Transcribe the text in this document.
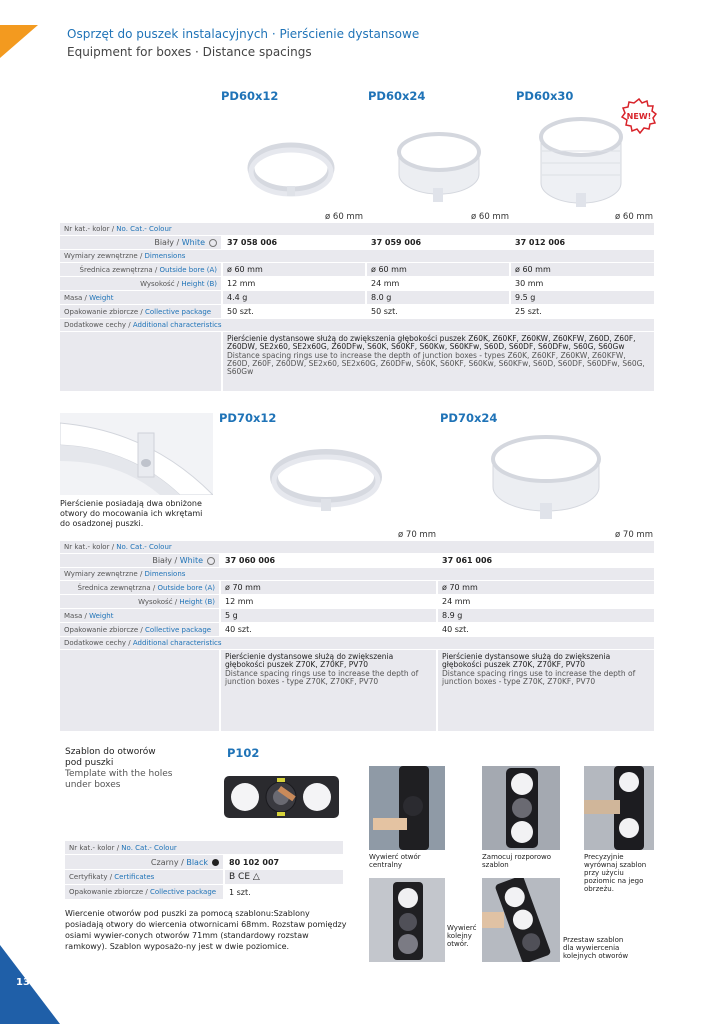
Osprzęt do puszek instalacyjnych · Pierścienie dystansowe
Equipment for boxes · Distance spacings
PD60x12	PD60x24	PD60x30
NEW!
ø 60 mm	ø 60 mm	ø 60 mm
Nr kat.- kolor / No. Cat.- Colour
Biały / White	37 058 006	37 059 006	37 012 006
Wymiary zewnętrzne / Dimensions
Średnica zewnętrzna / Outside bore (A)	ø 60 mm	ø 60 mm	ø 60 mm
Wysokość / Height (B)	12 mm	24 mm	30 mm
Masa / Weight	4.4 g	8.0 g	9.5 g
Opakowanie zbiorcze / Collective package	50 szt.	50 szt.	25 szt.
Dodatkowe cechy / Additional characteristics
Pierścienie dystansowe służą do zwiększenia głębokości puszek Z60K, Z60KF, Z60KW, Z60KFW, Z60D, Z60F, Z60DW, SE2x60, SE2x60G, Z60DFw, S60K, S60KF, S60Kw, S60KFw, S60D, S60DF, S60DFw, S60G, S60Gw
Distance spacing rings use to increase the depth of junction boxes - types Z60K, Z60KF, Z60KW, Z60KFW, Z60D, Z60F, Z60DW, SE2x60, SE2x60G, Z60DFw, S60K, S60KF, S60Kw, S60KFw, S60D, S60DF, S60DFw, S60G, S60Gw
Pierścienie posiadają dwa obniżone otwory do mocowania ich wkrętami do osadzonej puszki.
PD70x12	PD70x24
ø 70 mm	ø 70 mm
Nr kat.- kolor / No. Cat.- Colour
Biały / White	37 060 006	37 061 006
Wymiary zewnętrzne / Dimensions
Średnica zewnętrzna / Outside bore (A)	ø 70 mm	ø 70 mm
Wysokość / Height (B)	12 mm	24 mm
Masa / Weight	5 g	8.9 g
Opakowanie zbiorcze / Collective package	40 szt.	40 szt.
Dodatkowe cechy / Additional characteristics
Pierścienie dystansowe służą do zwiększenia głębokości puszek Z70K, Z70KF, PV70
Distance spacing rings use to increase the depth of junction boxes - type Z70K, Z70KF, PV70
Pierścienie dystansowe służą do zwiększenia głębokości puszek Z70K, Z70KF, PV70
Distance spacing rings use to increase the depth of junction boxes - type Z70K, Z70KF, PV70
Szablon do otworów
pod puszki
Template with the holes
under boxes
P102
Nr kat.- kolor / No. Cat.- Colour
Czarny / Black	80 102 007
Certyfikaty / Certificates	B CE
△
Opakowanie zbiorcze / Collective package	1 szt.
Wiercenie otworów pod puszki za pomocą szablonu:Szablony posiadają otwory do wiercenia otwornicami 68mm. Rozstaw pomiędzy osiami wywier-conych otworów 71mm (standardowy rozstaw ramkowy). Szablon wyposażo-ny jest w dwie poziomice.
Wywierć otwór centralny
Zamocuj rozporowo szablon
Precyzyjnie wyrównaj szablon przy użyciu poziomic na jego obrzeżu.
Wywierć kolejny otwór.	Przestaw szablon dla wywiercenia kolejnych otworów
136
